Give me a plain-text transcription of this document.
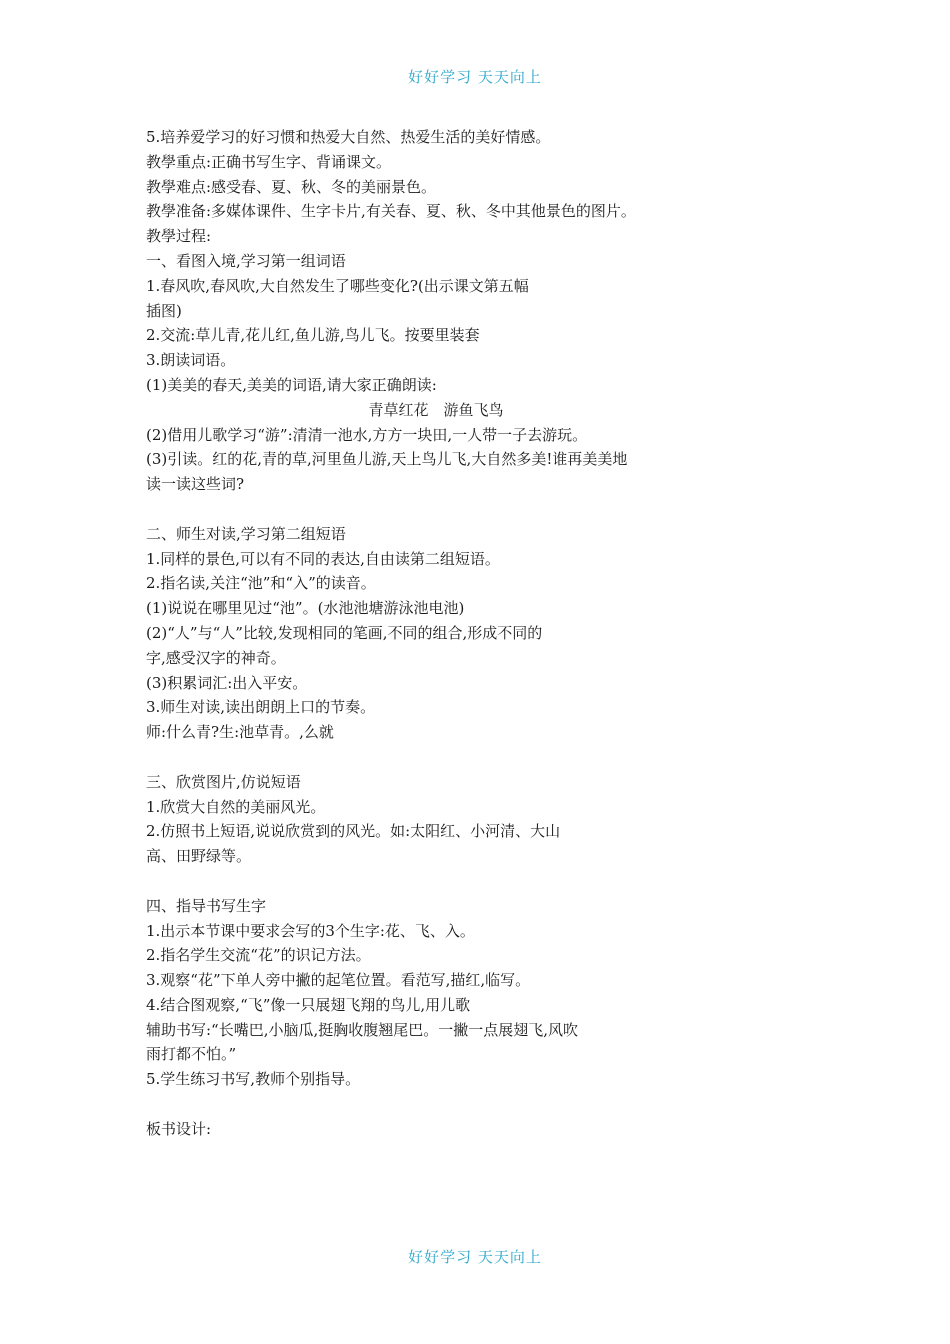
好好学习 天天向上
5.培养爱学习的好习惯和热爱大自然、热爱生活的美好情感。
教學重点:正确书写生字、背诵课文。
教學难点:感受春、夏、秋、冬的美丽景色。
教學准备:多媒体课件、生字卡片,有关春、夏、秋、冬中其他景色的图片。
教學过程:
一、看图入境,学习第一组词语
1.春风吹,春风吹,大自然发生了哪些变化?(出示课文第五幅
插图)
2.交流:草儿青,花儿红,鱼儿游,鸟儿飞。按要里装套
3.朗读词语。
(1)美美的春天,美美的词语,请大家正确朗读:
青草红花　游鱼飞鸟
(2)借用儿歌学习“游”:清清一池水,方方一块田,一人带一子去游玩。
(3)引读。红的花,青的草,河里鱼儿游,天上鸟儿飞,大自然多美!谁再美美地
读一读这些词?
二、师生对读,学习第二组短语
1.同样的景色,可以有不同的表达,自由读第二组短语。
2.指名读,关注“池”和“入”的读音。
(1)说说在哪里见过“池”。(水池池塘游泳池电池)
(2)“人”与“人”比较,发现相同的笔画,不同的组合,形成不同的
字,感受汉字的神奇。
(3)积累词汇:出入平安。
3.师生对读,读出朗朗上口的节奏。
师:什么青?生:池草青。,么就
三、欣赏图片,仿说短语
1.欣赏大自然的美丽风光。
2.仿照书上短语,说说欣赏到的风光。如:太阳红、小河清、大山
高、田野绿等。
四、指导书写生字
1.出示本节课中要求会写的3个生字:花、飞、入。
2.指名学生交流“花”的识记方法。
3.观察“花”下单人旁中撇的起笔位置。看范写,描红,临写。
4.结合图观察,“飞”像一只展翅飞翔的鸟儿,用儿歌
辅助书写:“长嘴巴,小脑瓜,挺胸收腹翘尾巴。一撇一点展翅飞,风吹
雨打都不怕。”
5.学生练习书写,教师个别指导。
板书设计:
好好学习 天天向上
